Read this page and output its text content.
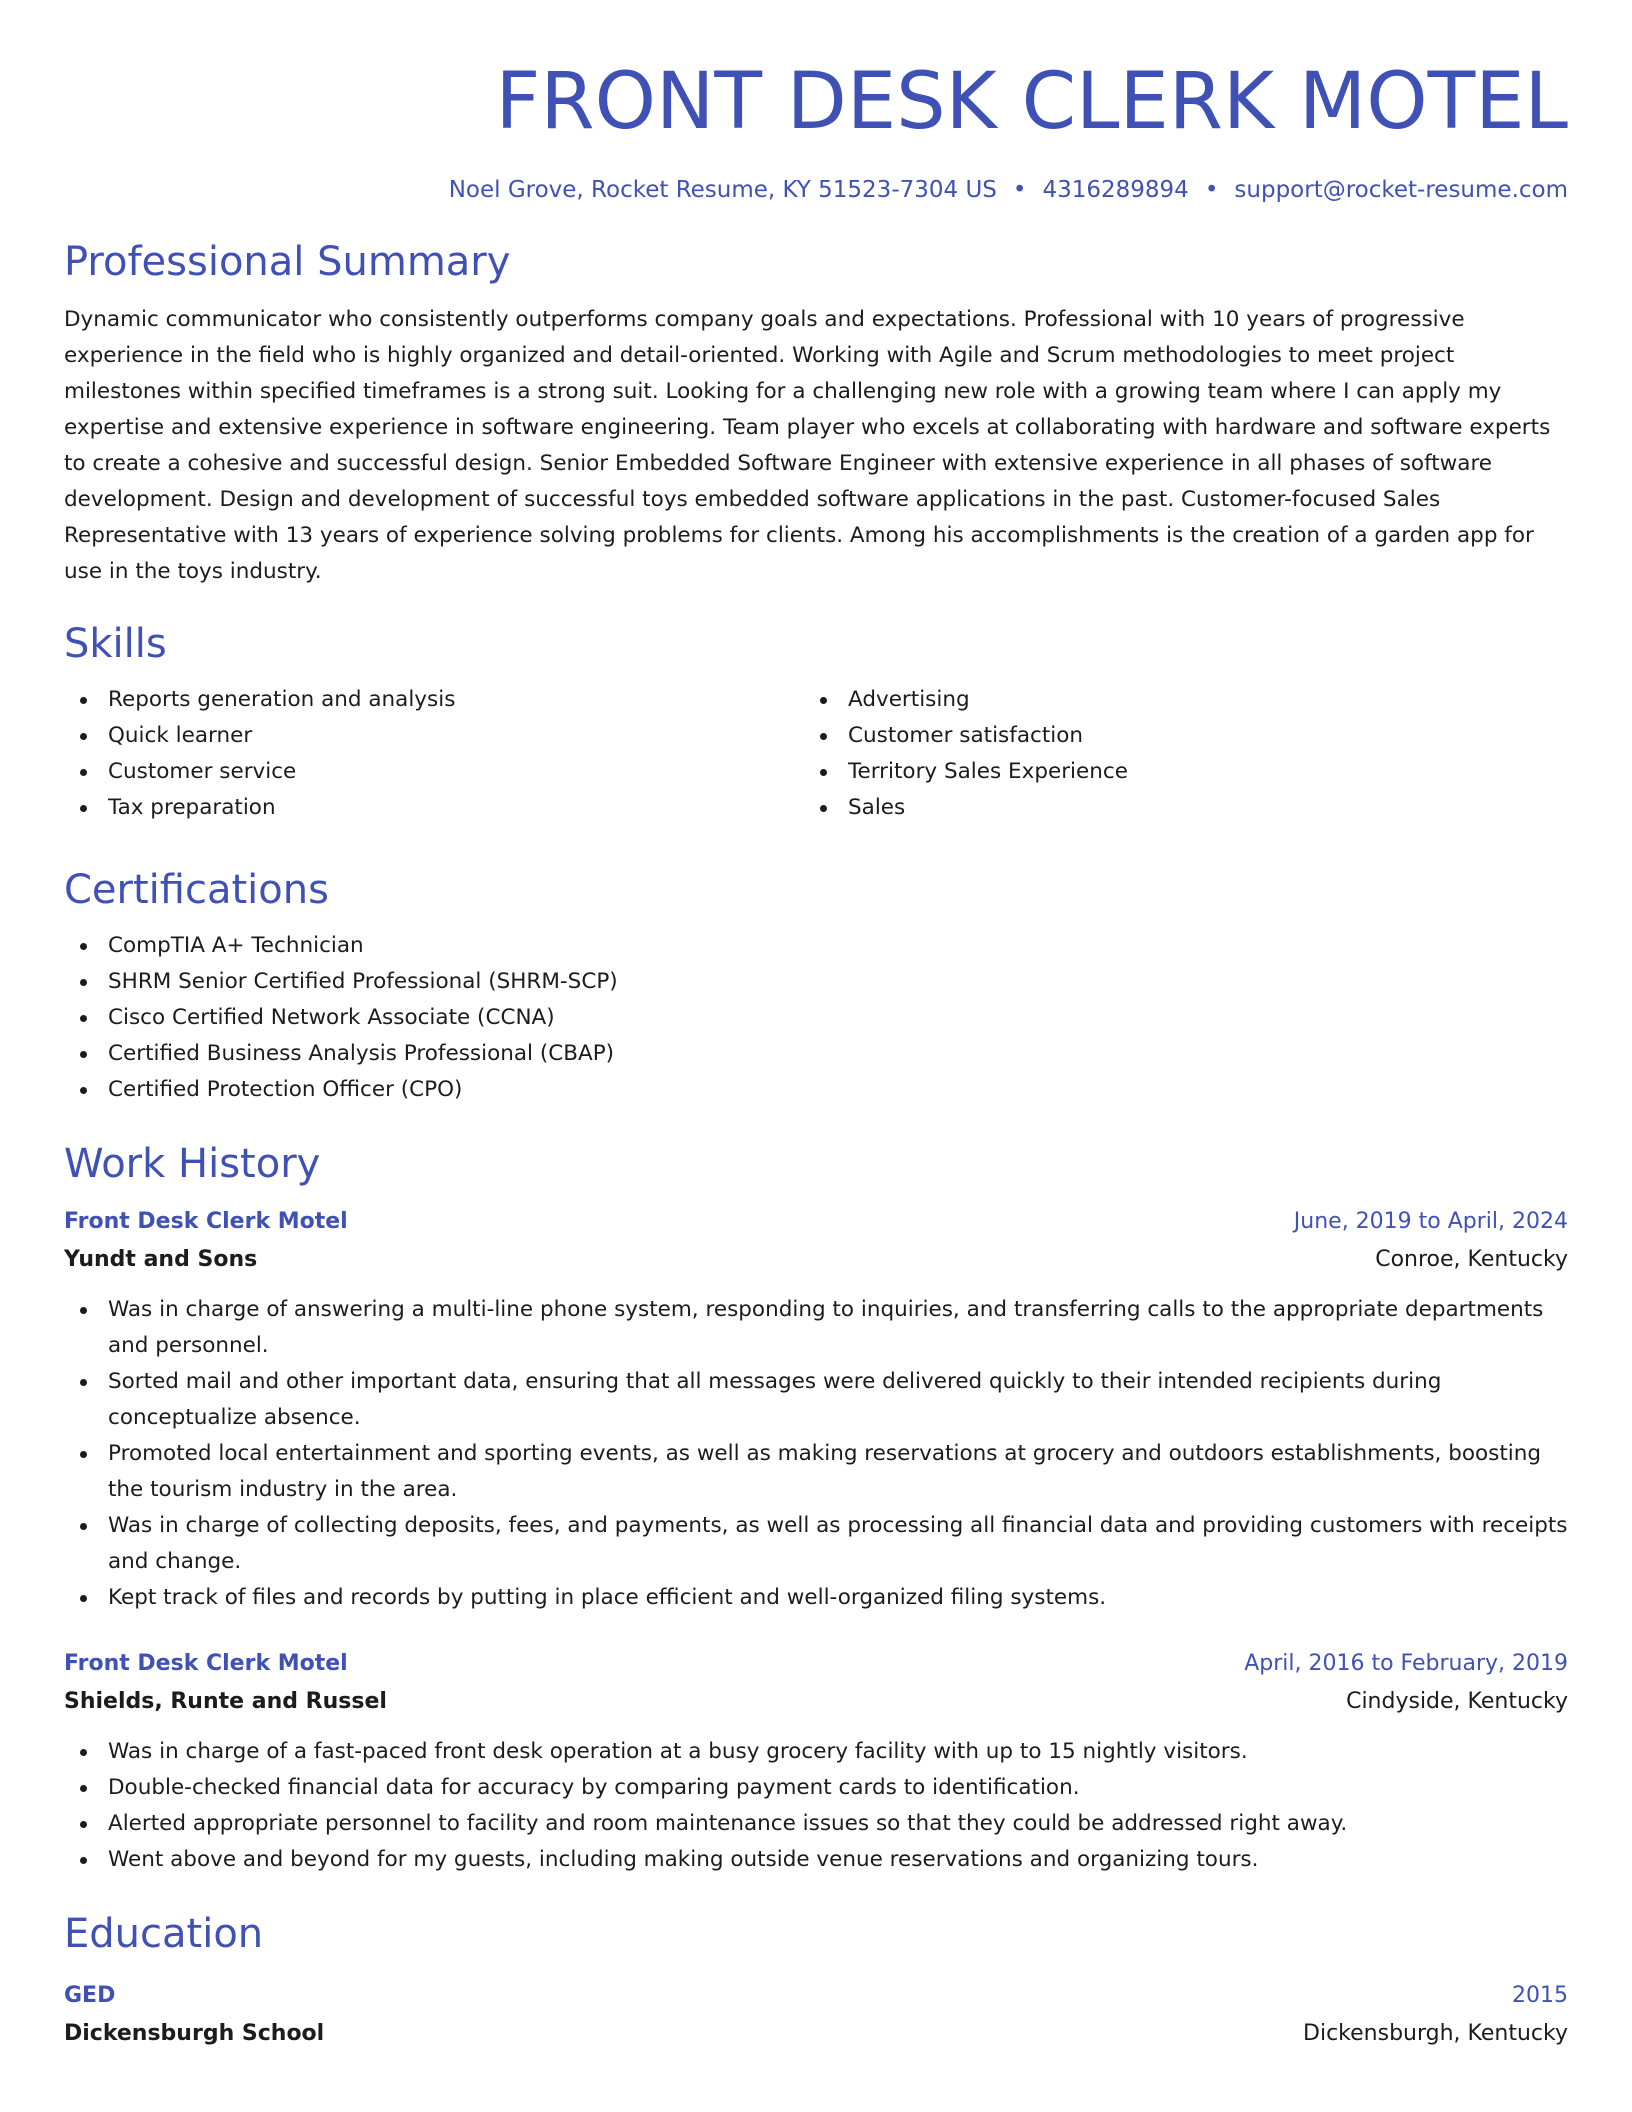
FRONT DESK CLERK MOTEL
Noel Grove, Rocket Resume, KY 51523-7304 US • 4316289894 • support@rocket-resume.com
Professional Summary

Dynamic communicator who consistently outperforms company goals and expectations. Professional with 10 years of progressive experience in the field who is highly organized and detail-oriented. Working with Agile and Scrum methodologies to meet project milestones within specified timeframes is a strong suit. Looking for a challenging new role with a growing team where I can apply my expertise and extensive experience in software engineering. Team player who excels at collaborating with hardware and software experts to create a cohesive and successful design. Senior Embedded Software Engineer with extensive experience in all phases of software development. Design and development of successful toys embedded software applications in the past. Customer-focused Sales Representative with 13 years of experience solving problems for clients. Among his accomplishments is the creation of a garden app for use in the toys industry.

Skills
Reports generation and analysis
Quick learner
Customer service
Tax preparation
Advertising
Customer satisfaction
Territory Sales Experience
Sales
Certifications
CompTIA A+ Technician
SHRM Senior Certified Professional (SHRM-SCP)
Cisco Certified Network Associate (CCNA)
Certified Business Analysis Professional (CBAP)
Certified Protection Officer (CPO)
Work History
Front Desk Clerk Motel	June, 2019 to April, 2024
Yundt and Sons	Conroe, Kentucky
Was in charge of answering a multi-line phone system, responding to inquiries, and transferring calls to the appropriate departments and personnel.
Sorted mail and other important data, ensuring that all messages were delivered quickly to their intended recipients during conceptualize absence.
Promoted local entertainment and sporting events, as well as making reservations at grocery and outdoors establishments, boosting the tourism industry in the area.
Was in charge of collecting deposits, fees, and payments, as well as processing all financial data and providing customers with receipts and change.
Kept track of files and records by putting in place efficient and well-organized filing systems.
Front Desk Clerk Motel	April, 2016 to February, 2019
Shields, Runte and Russel	Cindyside, Kentucky
Was in charge of a fast-paced front desk operation at a busy grocery facility with up to 15 nightly visitors.
Double-checked financial data for accuracy by comparing payment cards to identification.
Alerted appropriate personnel to facility and room maintenance issues so that they could be addressed right away.
Went above and beyond for my guests, including making outside venue reservations and organizing tours.
Education
GED	2015
Dickensburgh School	Dickensburgh, Kentucky
